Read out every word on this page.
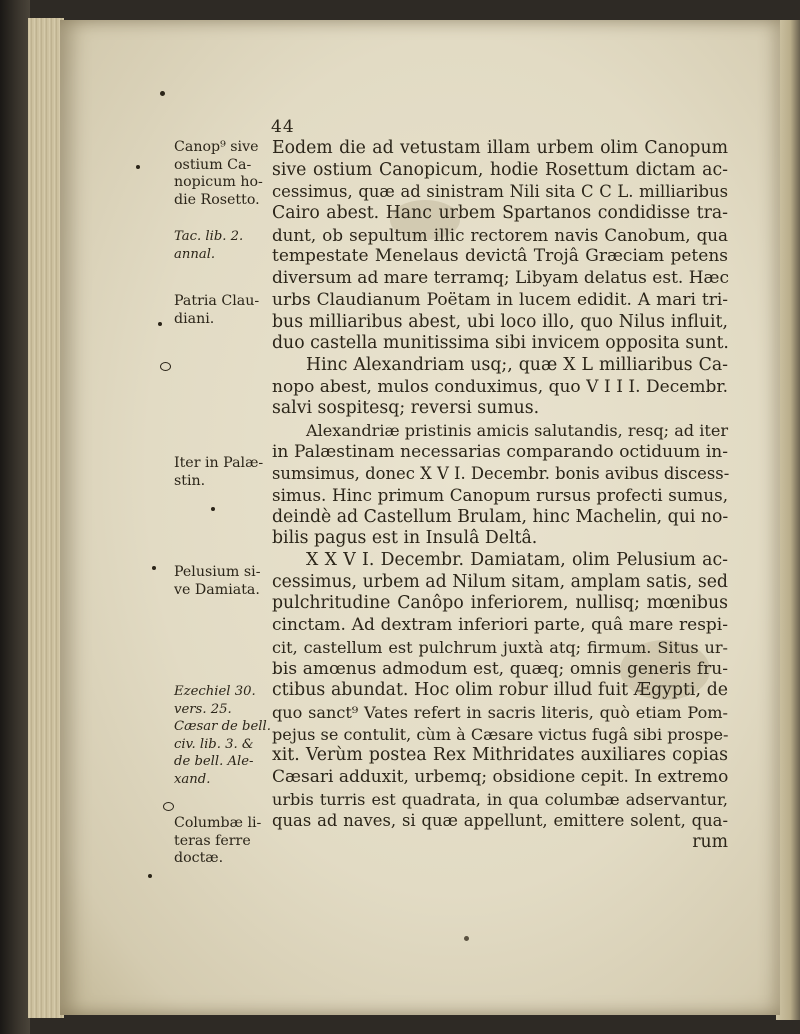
44
Canop⁹ sive
ostium Ca-
nopicum ho-
die Rosetto.
Tac. lib. 2.
annal.
Patria Clau-
diani.
Iter in Palæ-
stin.
Pelusium si-
ve Damiata.
Ezechiel 30.
vers. 25.
Cæsar de bell.
civ. lib. 3. &
de bell. Ale-
xand.
Columbæ li-
teras ferre
doctæ.
Eodem die ad vetustam illam urbem olim Canopum
sive ostium Canopicum, hodie Rosettum dictam ac-
cessimus, quæ ad sinistram Nili sita C C L. milliaribus
Cairo abest. Hanc urbem Spartanos condidisse tra-
dunt, ob sepultum illic rectorem navis Canobum, qua
tempestate Menelaus devictâ Trojâ Græciam petens
diversum ad mare terramq; Libyam delatus est. Hæc
urbs Claudianum Poëtam in lucem edidit. A mari tri-
bus milliaribus abest, ubi loco illo, quo Nilus influit,
duo castella munitissima sibi invicem opposita sunt.
Hinc Alexandriam usq;, quæ X L milliaribus Ca-
nopo abest, mulos conduximus, quo V I I I. Decembr.
salvi sospitesq; reversi sumus.
Alexandriæ pristinis amicis salutandis, resq; ad iter
in Palæstinam necessarias comparando octiduum in-
sumsimus, donec X V I. Decembr. bonis avibus discess-
simus. Hinc primum Canopum rursus profecti sumus,
deindè ad Castellum Brulam, hinc Machelin, qui no-
bilis pagus est in Insulâ Deltâ.
X X V I. Decembr. Damiatam, olim Pelusium ac-
cessimus, urbem ad Nilum sitam, amplam satis, sed
pulchritudine Canôpo inferiorem, nullisq; mœnibus
cinctam. Ad dextram inferiori parte, quâ mare respi-
cit, castellum est pulchrum juxtà atq; firmum. Situs ur-
bis amœnus admodum est, quæq; omnis generis fru-
ctibus abundat. Hoc olim robur illud fuit Ægypti, de
quo sanct⁹ Vates refert in sacris literis, quò etiam Pom-
pejus se contulit, cùm à Cæsare victus fugâ sibi prospe-
xit. Verùm postea Rex Mithridates auxiliares copias
Cæsari adduxit, urbemq; obsidione cepit. In extremo
urbis turris est quadrata, in qua columbæ adservantur,
quas ad naves, si quæ appellunt, emittere solent, qua-
rum
